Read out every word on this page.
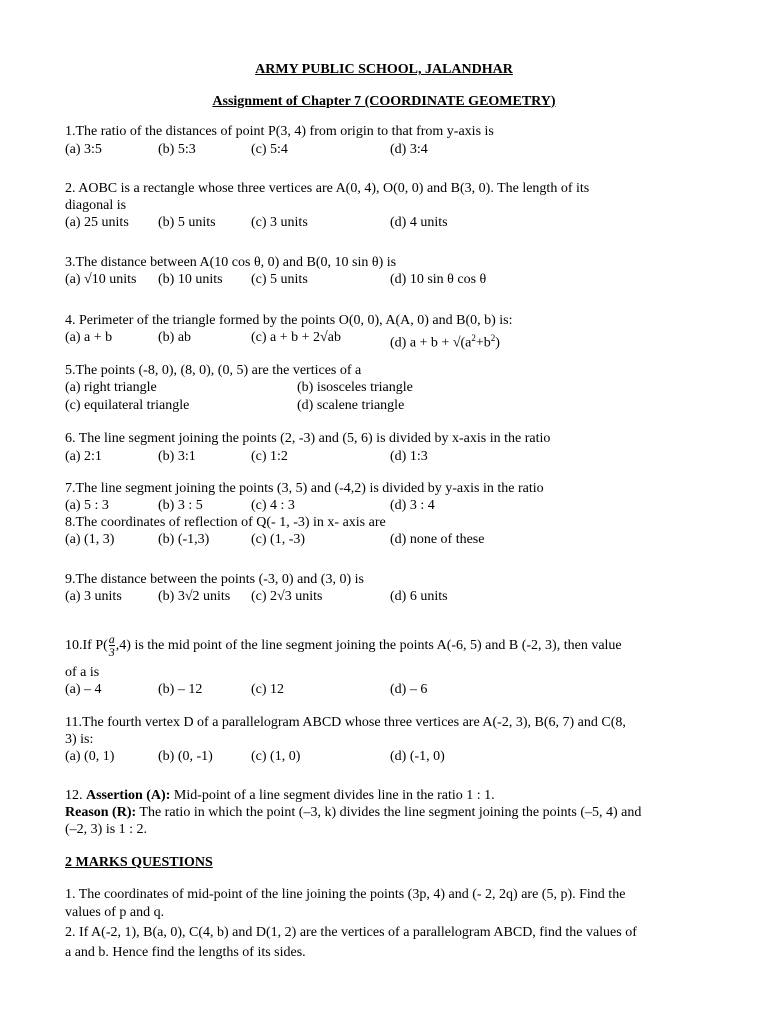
ARMY PUBLIC SCHOOL, JALANDHAR
Assignment of Chapter 7 (COORDINATE GEOMETRY)
1.The ratio of the distances of point P(3, 4) from origin to that from y-axis is
(a) 3:5	(b) 5:3	(c) 5:4	(d) 3:4
2. AOBC is a rectangle whose three vertices are A(0, 4), O(0, 0) and B(3, 0). The length of its
diagonal is
(a) 25 units (b) 5 units	(c) 3 units	(d) 4 units
3.The distance between A(10 cos θ, 0) and B(0, 10 sin θ) is
(a) √10 units (b) 10 units (c) 5 units	(d) 10 sin θ cos θ
4. Perimeter of the triangle formed by the points O(0, 0), A(A, 0) and B(0, b) is:
(a) a + b	(b) ab	(c) a + b + 2√ab	(d) $a + b + √(a^2+b^2)$
5.The points (-8, 0), (8, 0), (0, 5) are the vertices of a
(a) right triangle	(b) isosceles triangle
(c) equilateral triangle	(d) scalene triangle
6. The line segment joining the points (2, -3) and (5, 6) is divided by x-axis in the ratio
(a) 2:1	(b) 3:1	(c) 1:2	(d) 1:3
7.The line segment joining the points (3, 5) and (-4,2) is divided by y-axis in the ratio
(a) 5 : 3	(b) 3 : 5	(c) 4 : 3	(d) 3 : 4
8.The coordinates of reflection of Q(- 1, -3) in x- axis are
(a) (1, 3)	(b) (-1,3)	(c) (1, -3)	(d) none of these
9.The distance between the points (-3, 0) and (3, 0) is
(a) 3 units	(b) 3√2 units (c) 2√3 units	(d) 6 units
10.If $P( \frac{a}{3} ,4)$ is the mid point of the line segment joining the points A(-6, 5) and B (-2, 3), then value
of a is
(a) – 4	(b) – 12	(c) 12	(d) – 6
11.The fourth vertex D of a parallelogram ABCD whose three vertices are A(-2, 3), B(6, 7) and C(8,
3) is:
(a) (0, 1)	(b) (0, -1)	(c) (1, 0)	(d) (-1, 0)
12. Assertion (A): Mid-point of a line segment divides line in the ratio 1 : 1.
Reason (R): The ratio in which the point (–3, k) divides the line segment joining the points (–5, 4) and
(–2, 3) is 1 : 2.
2 MARKS QUESTIONS
1. The coordinates of mid-point of the line joining the points (3p, 4) and (- 2, 2q) are (5, p). Find the
values of p and q.
2. If A(-2, 1), B(a, 0), C(4, b) and D(1, 2) are the vertices of a parallelogram ABCD, find the values of
a and b. Hence find the lengths of its sides.
